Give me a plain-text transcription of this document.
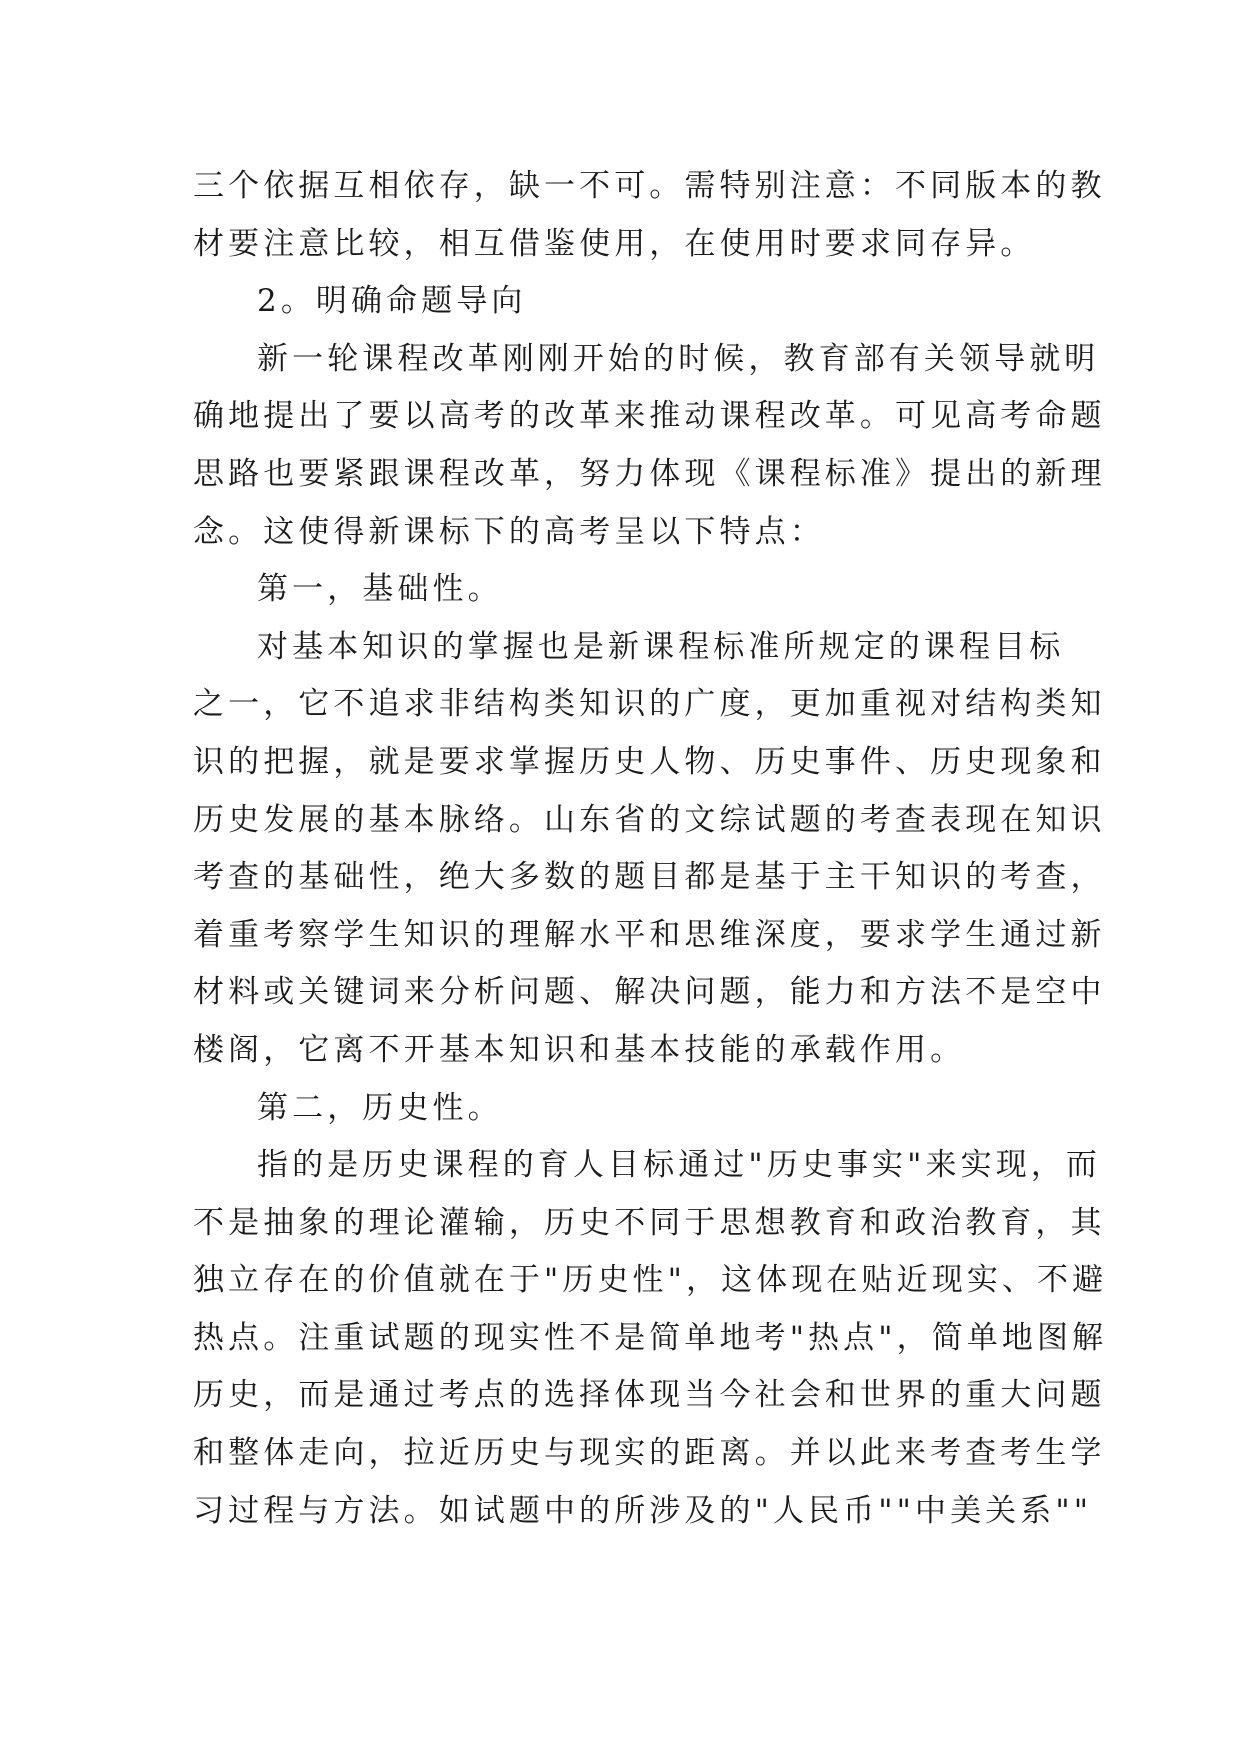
三个依据互相依存，缺一不可。需特别注意：不同版本的教
材要注意比较，相互借鉴使用，在使用时要求同存异。
2。明确命题导向
新一轮课程改革刚刚开始的时候，教育部有关领导就明
确地提出了要以高考的改革来推动课程改革。可见高考命题
思路也要紧跟课程改革，努力体现《课程标准》提出的新理
念。这使得新课标下的高考呈以下特点：
第一，基础性。
对基本知识的掌握也是新课程标准所规定的课程目标
之一，它不追求非结构类知识的广度，更加重视对结构类知
识的把握，就是要求掌握历史人物、历史事件、历史现象和
历史发展的基本脉络。山东省的文综试题的考查表现在知识
考查的基础性，绝大多数的题目都是基于主干知识的考查，
着重考察学生知识的理解水平和思维深度，要求学生通过新
材料或关键词来分析问题、解决问题，能力和方法不是空中
楼阁，它离不开基本知识和基本技能的承载作用。
第二，历史性。
指的是历史课程的育人目标通过"历史事实"来实现，而
不是抽象的理论灌输，历史不同于思想教育和政治教育，其
独立存在的价值就在于"历史性"，这体现在贴近现实、不避
热点。注重试题的现实性不是简单地考"热点"，简单地图解
历史，而是通过考点的选择体现当今社会和世界的重大问题
和整体走向，拉近历史与现实的距离。并以此来考查考生学
习过程与方法。如试题中的所涉及的"人民币""中美关系""
